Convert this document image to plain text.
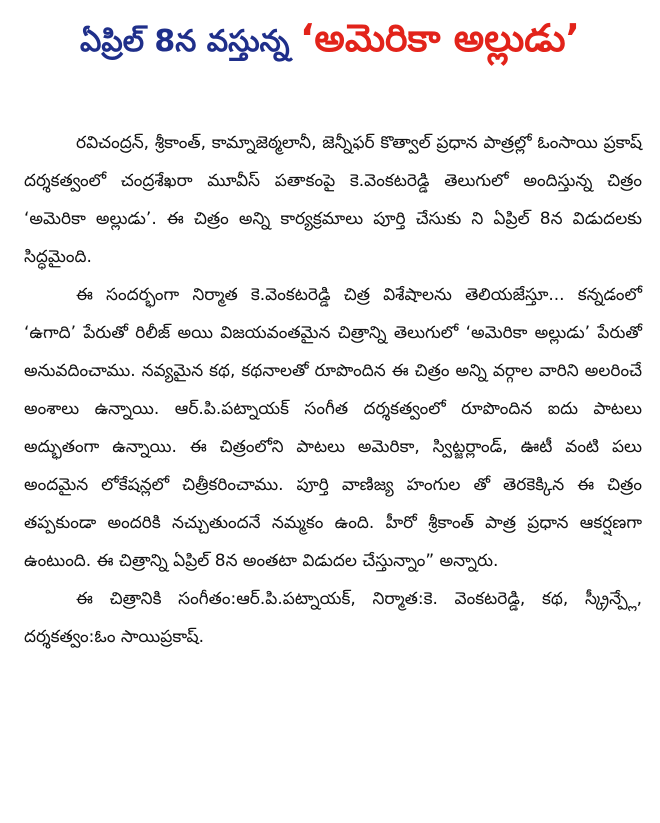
ఏప్రిల్ 8న వస్తున్న ‘అమెరికా అల్లుడు’

రవిచంద్రన్, శ్రీకాంత్, కామ్నాజెఠ్మలానీ, జెన్నీఫర్ కొత్వాల్ ప్రధాన పాత్రల్లో ఓంసాయి ప్రకాష్ దర్శకత్వంలో చంద్రశేఖరా మూవీస్ పతాకంపై కె.వెంకటరెడ్డి తెలుగులో అందిస్తున్న చిత్రం ‘అమెరికా అల్లుడు’. ఈ చిత్రం అన్ని కార్యక్రమాలు పూర్తి చేసుకు ని ఏప్రిల్ 8న విడుదలకు సిద్ధమైంది.

ఈ సందర్భంగా నిర్మాత కె.వెంకటరెడ్డి చిత్ర విశేషాలను తెలియజేస్తూ... కన్నడంలో ‘ఉగాది’ పేరుతో రిలీజ్ అయి విజయవంతమైన చిత్రాన్ని తెలుగులో ‘అమెరికా అల్లుడు’ పేరుతో అనువదించాము. నవ్యమైన కథ, కథనాలతో రూపొందిన ఈ చిత్రం అన్ని వర్గాల వారిని అలరించే అంశాలు ఉన్నాయి. ఆర్.పి.పట్నాయక్ సంగీత దర్శకత్వంలో రూపొందిన ఐదు పాటలు అద్భుతంగా ఉన్నాయి. ఈ చిత్రంలోని పాటలు అమెరికా, స్విట్జర్లాండ్, ఊటీ వంటి పలు అందమైన లోకేషన్లలో చిత్రీకరించాము. పూర్తి వాణిజ్య హంగుల తో తెరకెక్కిన ఈ చిత్రం తప్పకుండా అందరికి నచ్చుతుందనే నమ్మకం ఉంది. హీరో శ్రీకాంత్ పాత్ర ప్రధాన ఆకర్షణగా ఉంటుంది. ఈ చిత్రాన్ని ఏప్రిల్ 8న అంతటా విడుదల చేస్తున్నాం” అన్నారు.

ఈ చిత్రానికి సంగీతం:ఆర్.పి.పట్నాయక్, నిర్మాత:కె. వెంకటరెడ్డి, కథ, స్క్రీన్ప్లే, దర్శకత్వం:ఓం సాయిప్రకాష్.
